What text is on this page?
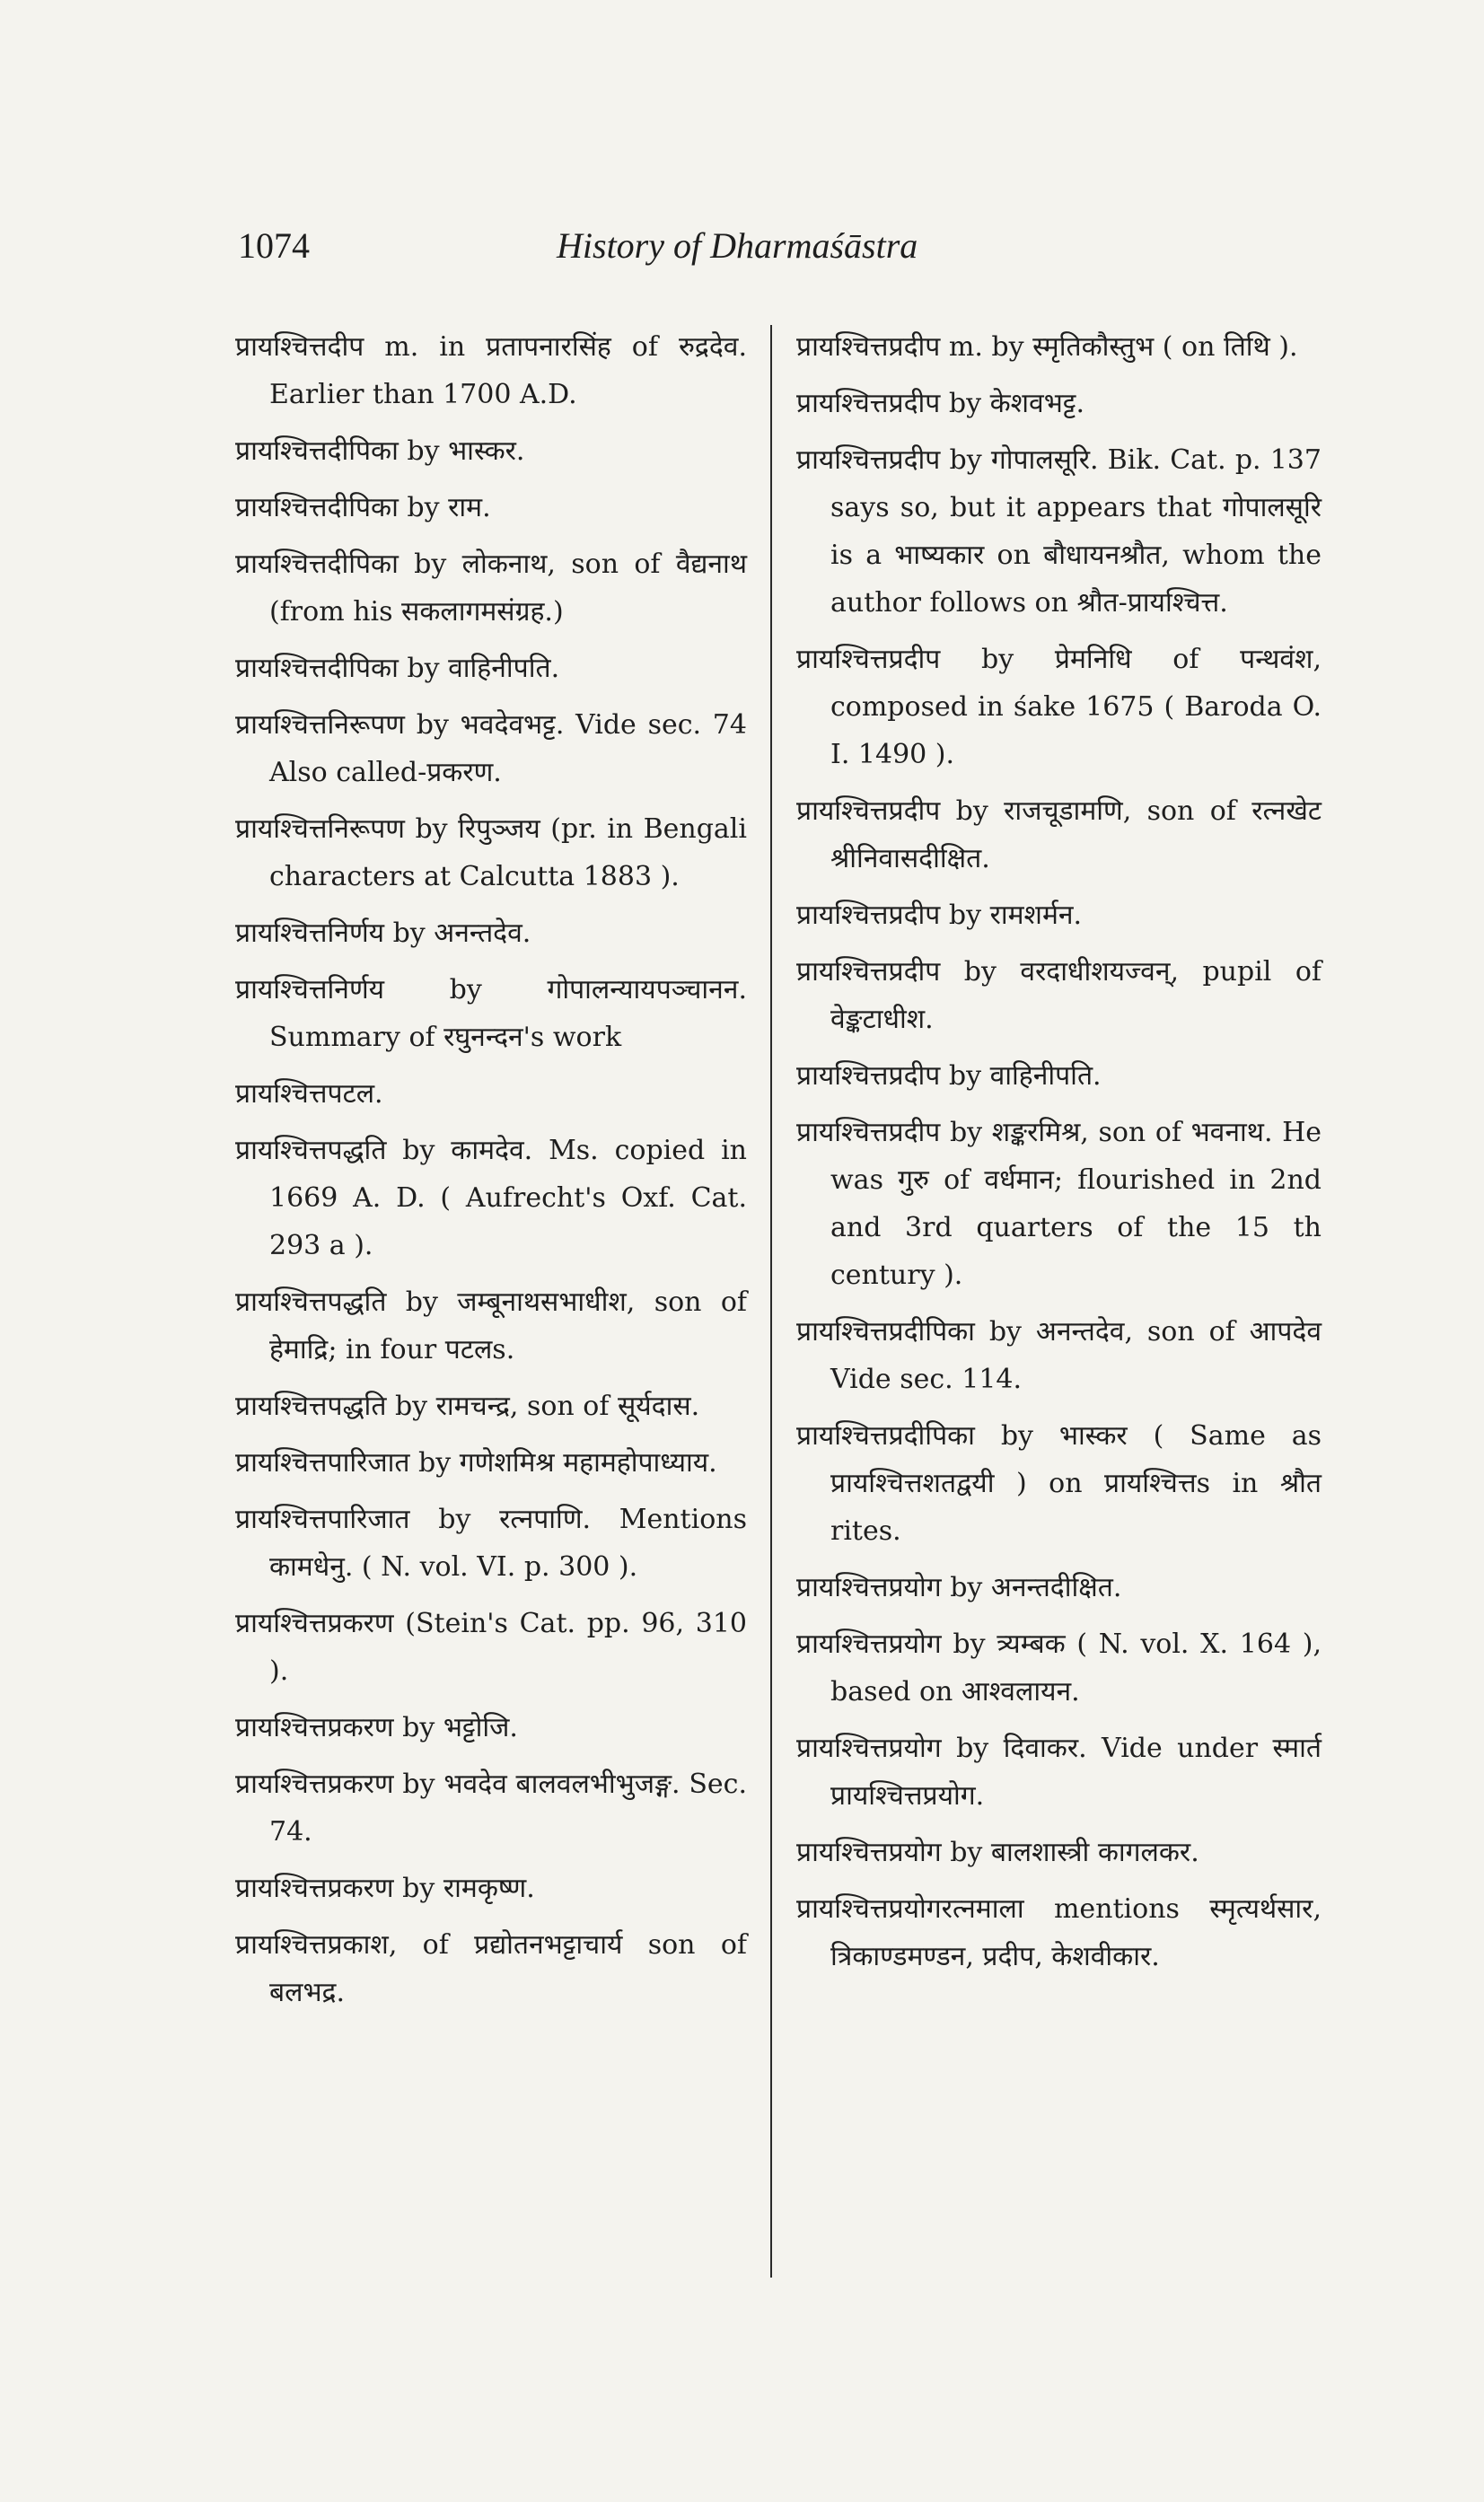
1074	History of Dharmaśāstra

प्रायश्चित्तदीप m. in प्रतापनारसिंह of रुद्रदेव. Earlier than 1700 A.D.

प्रायश्चित्तदीपिका by भास्कर.

प्रायश्चित्तदीपिका by राम.

प्रायश्चित्तदीपिका by लोकनाथ, son of वैद्यनाथ (from his सकलागमसंग्रह.)

प्रायश्चित्तदीपिका by वाहिनीपति.

प्रायश्चित्तनिरूपण by भवदेवभट्ट. Vide sec. 74 Also called-प्रकरण.

प्रायश्चित्तनिरूपण by रिपुञ्जय (pr. in Bengali characters at Calcutta 1883 ).

प्रायश्चित्तनिर्णय by अनन्तदेव.

प्रायश्चित्तनिर्णय by गोपालन्यायपञ्चानन. Summary of रघुनन्दन's work

प्रायश्चित्तपटल.

प्रायश्चित्तपद्धति by कामदेव. Ms. copied in 1669 A. D. ( Aufrecht's Oxf. Cat. 293 a ).

प्रायश्चित्तपद्धति by जम्बूनाथसभाधीश, son of हेमाद्रि; in four पटलs.

प्रायश्चित्तपद्धति by रामचन्द्र, son of सूर्यदास.

प्रायश्चित्तपारिजात by गणेशमिश्र महामहोपाध्याय.

प्रायश्चित्तपारिजात by रत्नपाणि. Mentions कामधेनु. ( N. vol. VI. p. 300 ).

प्रायश्चित्तप्रकरण (Stein's Cat. pp. 96, 310 ).

प्रायश्चित्तप्रकरण by भट्टोजि.

प्रायश्चित्तप्रकरण by भवदेव बालवलभीभुजङ्ग. Sec. 74.

प्रायश्चित्तप्रकरण by रामकृष्ण.

प्रायश्चित्तप्रकाश, of प्रद्योतनभट्टाचार्य son of बलभद्र.

प्रायश्चित्तप्रदीप m. by स्मृतिकौस्तुभ ( on तिथि ).

प्रायश्चित्तप्रदीप by केशवभट्ट.

प्रायश्चित्तप्रदीप by गोपालसूरि. Bik. Cat. p. 137 says so, but it appears that गोपालसूरि is a भाष्यकार on बौधायनश्रौत, whom the author follows on श्रौत-प्रायश्चित्त.

प्रायश्चित्तप्रदीप by प्रेमनिधि of पन्थवंश, composed in śake 1675 ( Baroda O. I. 1490 ).

प्रायश्चित्तप्रदीप by राजचूडामणि, son of रत्नखेट श्रीनिवासदीक्षित.

प्रायश्चित्तप्रदीप by रामशर्मन.

प्रायश्चित्तप्रदीप by वरदाधीशयज्वन्, pupil of वेङ्कटाधीश.

प्रायश्चित्तप्रदीप by वाहिनीपति.

प्रायश्चित्तप्रदीप by शङ्करमिश्र, son of भवनाथ. He was गुरु of वर्धमान; flourished in 2nd and 3rd quarters of the 15 th century ).

प्रायश्चित्तप्रदीपिका by अनन्तदेव, son of आपदेव Vide sec. 114.

प्रायश्चित्तप्रदीपिका by भास्कर ( Same as प्रायश्चित्तशतद्वयी ) on प्रायश्चित्तs in श्रौत rites.

प्रायश्चित्तप्रयोग by अनन्तदीक्षित.

प्रायश्चित्तप्रयोग by त्र्यम्बक ( N. vol. X. 164 ), based on आश्वलायन.

प्रायश्चित्तप्रयोग by दिवाकर. Vide under स्मार्त प्रायश्चित्तप्रयोग.

प्रायश्चित्तप्रयोग by बालशास्त्री कागलकर.

प्रायश्चित्तप्रयोगरत्नमाला mentions स्मृत्यर्थसार, त्रिकाण्डमण्डन, प्रदीप, केशवीकार.
